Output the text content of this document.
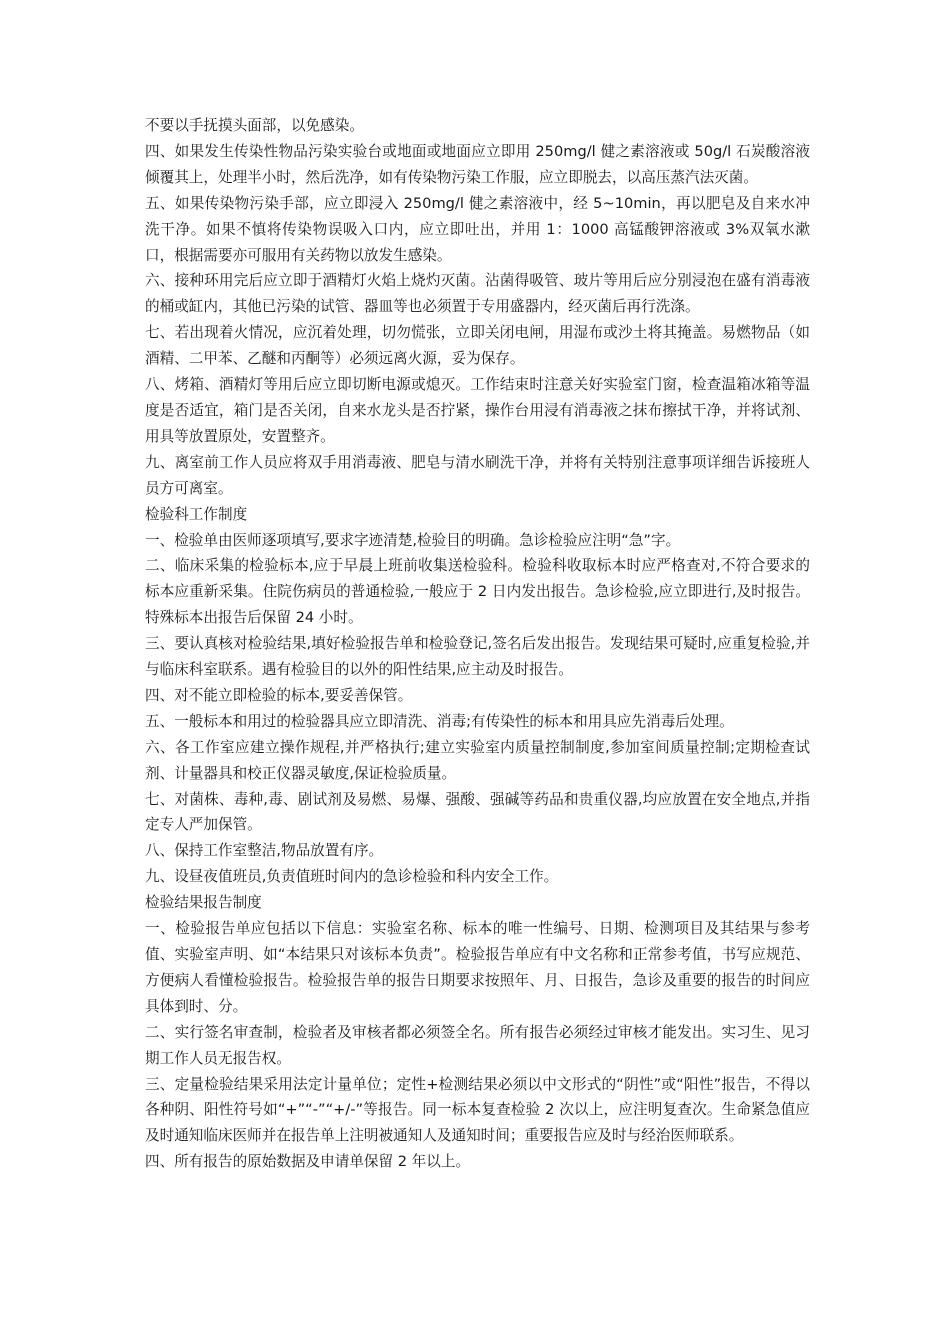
不要以手抚摸头面部，以免感染。

四、如果发生传染性物品污染实验台或地面或地面应立即用 250mg/l 健之素溶液或 50g/l 石炭酸溶液倾覆其上，处理半小时，然后洗净，如有传染物污染工作服，应立即脱去，以高压蒸汽法灭菌。

五、如果传染物污染手部，应立即浸入 250mg/l 健之素溶液中，经 5~10min，再以肥皂及自来水冲洗干净。如果不慎将传染物误吸入口内，应立即吐出，并用 1：1000 高锰酸钾溶液或 3%双氧水漱口，根据需要亦可服用有关药物以放发生感染。

六、接种环用完后应立即于酒精灯火焰上烧灼灭菌。沾菌得吸管、玻片等用后应分别浸泡在盛有消毒液的桶或缸内，其他已污染的试管、器皿等也必须置于专用盛器内，经灭菌后再行洗涤。

七、若出现着火情况，应沉着处理，切勿慌张，立即关闭电闸，用湿布或沙土将其掩盖。易燃物品（如酒精、二甲苯、乙醚和丙酮等）必须远离火源，妥为保存。

八、烤箱、酒精灯等用后应立即切断电源或熄灭。工作结束时注意关好实验室门窗，检查温箱冰箱等温度是否适宜，箱门是否关闭，自来水龙头是否拧紧，操作台用浸有消毒液之抹布擦拭干净，并将试剂、用具等放置原处，安置整齐。

九、离室前工作人员应将双手用消毒液、肥皂与清水刷洗干净，并将有关特别注意事项详细告诉接班人员方可离室。

检验科工作制度

一、检验单由医师逐项填写,要求字迹清楚,检验目的明确。急诊检验应注明“急”字。

二、临床采集的检验标本,应于早晨上班前收集送检验科。检验科收取标本时应严格查对,不符合要求的标本应重新采集。住院伤病员的普通检验,一般应于 2 日内发出报告。急诊检验,应立即进行,及时报告。特殊标本出报告后保留 24 小时。

三、要认真核对检验结果,填好检验报告单和检验登记,签名后发出报告。发现结果可疑时,应重复检验,并与临床科室联系。遇有检验目的以外的阳性结果,应主动及时报告。

四、对不能立即检验的标本,要妥善保管。

五、一般标本和用过的检验器具应立即清洗、消毒;有传染性的标本和用具应先消毒后处理。

六、各工作室应建立操作规程,并严格执行;建立实验室内质量控制制度,参加室间质量控制;定期检查试剂、计量器具和校正仪器灵敏度,保证检验质量。

七、对菌株、毒种,毒、剧试剂及易燃、易爆、强酸、强碱等药品和贵重仪器,均应放置在安全地点,并指定专人严加保管。

八、保持工作室整洁,物品放置有序。

九、设昼夜值班员,负责值班时间内的急诊检验和科内安全工作。

检验结果报告制度

一、检验报告单应包括以下信息：实验室名称、标本的唯一性编号、日期、检测项目及其结果与参考值、实验室声明、如“本结果只对该标本负责”。检验报告单应有中文名称和正常参考值，书写应规范、方便病人看懂检验报告。检验报告单的报告日期要求按照年、月、日报告，急诊及重要的报告的时间应具体到时、分。

二、实行签名审查制，检验者及审核者都必须签全名。所有报告必须经过审核才能发出。实习生、见习期工作人员无报告权。

三、定量检验结果采用法定计量单位；定性+检测结果必须以中文形式的“阴性”或“阳性”报告，不得以各种阴、阳性符号如“+”“-”“+/-”等报告。同一标本复查检验 2 次以上，应注明复查次。生命紧急值应及时通知临床医师并在报告单上注明被通知人及通知时间；重要报告应及时与经治医师联系。

四、所有报告的原始数据及申请单保留 2 年以上。
